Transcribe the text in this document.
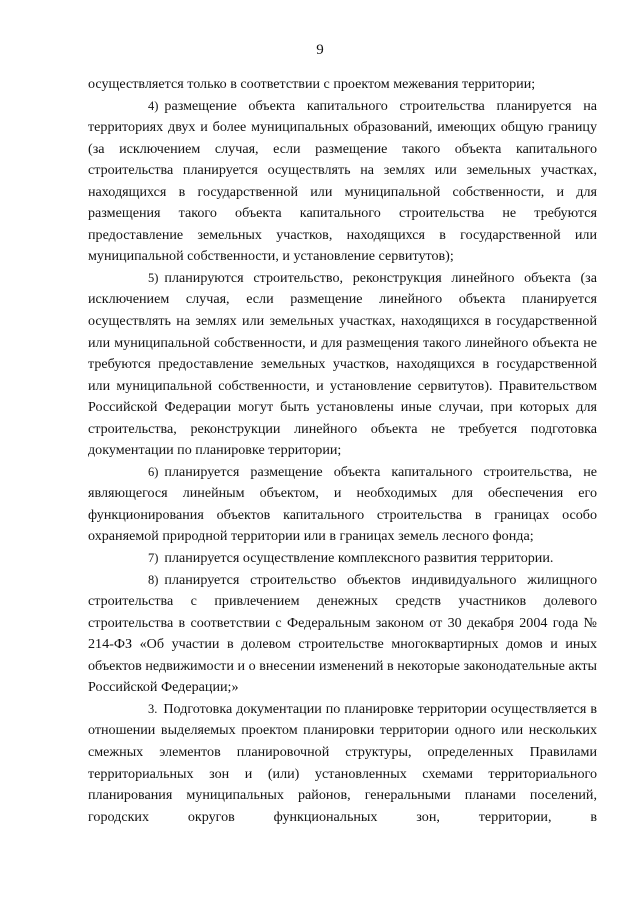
9

осуществляется только в соответствии с проектом межевания территории;

4) размещение объекта капитального строительства планируется на территориях двух и более муниципальных образований, имеющих общую границу (за исключением случая, если размещение такого объекта капитального строительства планируется осуществлять на землях или земельных участках, находящихся в государственной или муниципальной собственности, и для размещения такого объекта капитального строительства не требуются предоставление земельных участков, находящихся в государственной или муниципальной собственности, и установление сервитутов);

5) планируются строительство, реконструкция линейного объекта (за исключением случая, если размещение линейного объекта планируется осуществлять на землях или земельных участках, находящихся в государственной или муниципальной собственности, и для размещения такого линейного объекта не требуются предоставление земельных участков, находящихся в государственной или муниципальной собственности, и установление сервитутов). Правительством Российской Федерации могут быть установлены иные случаи, при которых для строительства, реконструкции линейного объекта не требуется подготовка документации по планировке территории;

6) планируется размещение объекта капитального строительства, не являющегося линейным объектом, и необходимых для обеспечения его функционирования объектов капитального строительства в границах особо охраняемой природной территории или в границах земель лесного фонда;

7) планируется осуществление комплексного развития территории.

8) планируется строительство объектов индивидуального жилищного строительства с привлечением денежных средств участников долевого строительства в соответствии с Федеральным законом от 30 декабря 2004 года № 214-ФЗ «Об участии в долевом строительстве многоквартирных домов и иных объектов недвижимости и о внесении изменений в некоторые законодательные акты Российской Федерации;»

3. Подготовка документации по планировке территории осуществляется в отношении выделяемых проектом планировки территории одного или нескольких смежных элементов планировочной структуры, определенных Правилами территориальных зон и (или) установленных схемами территориального планирования муниципальных районов, генеральными планами поселений, городских округов функциональных зон, территории, в
